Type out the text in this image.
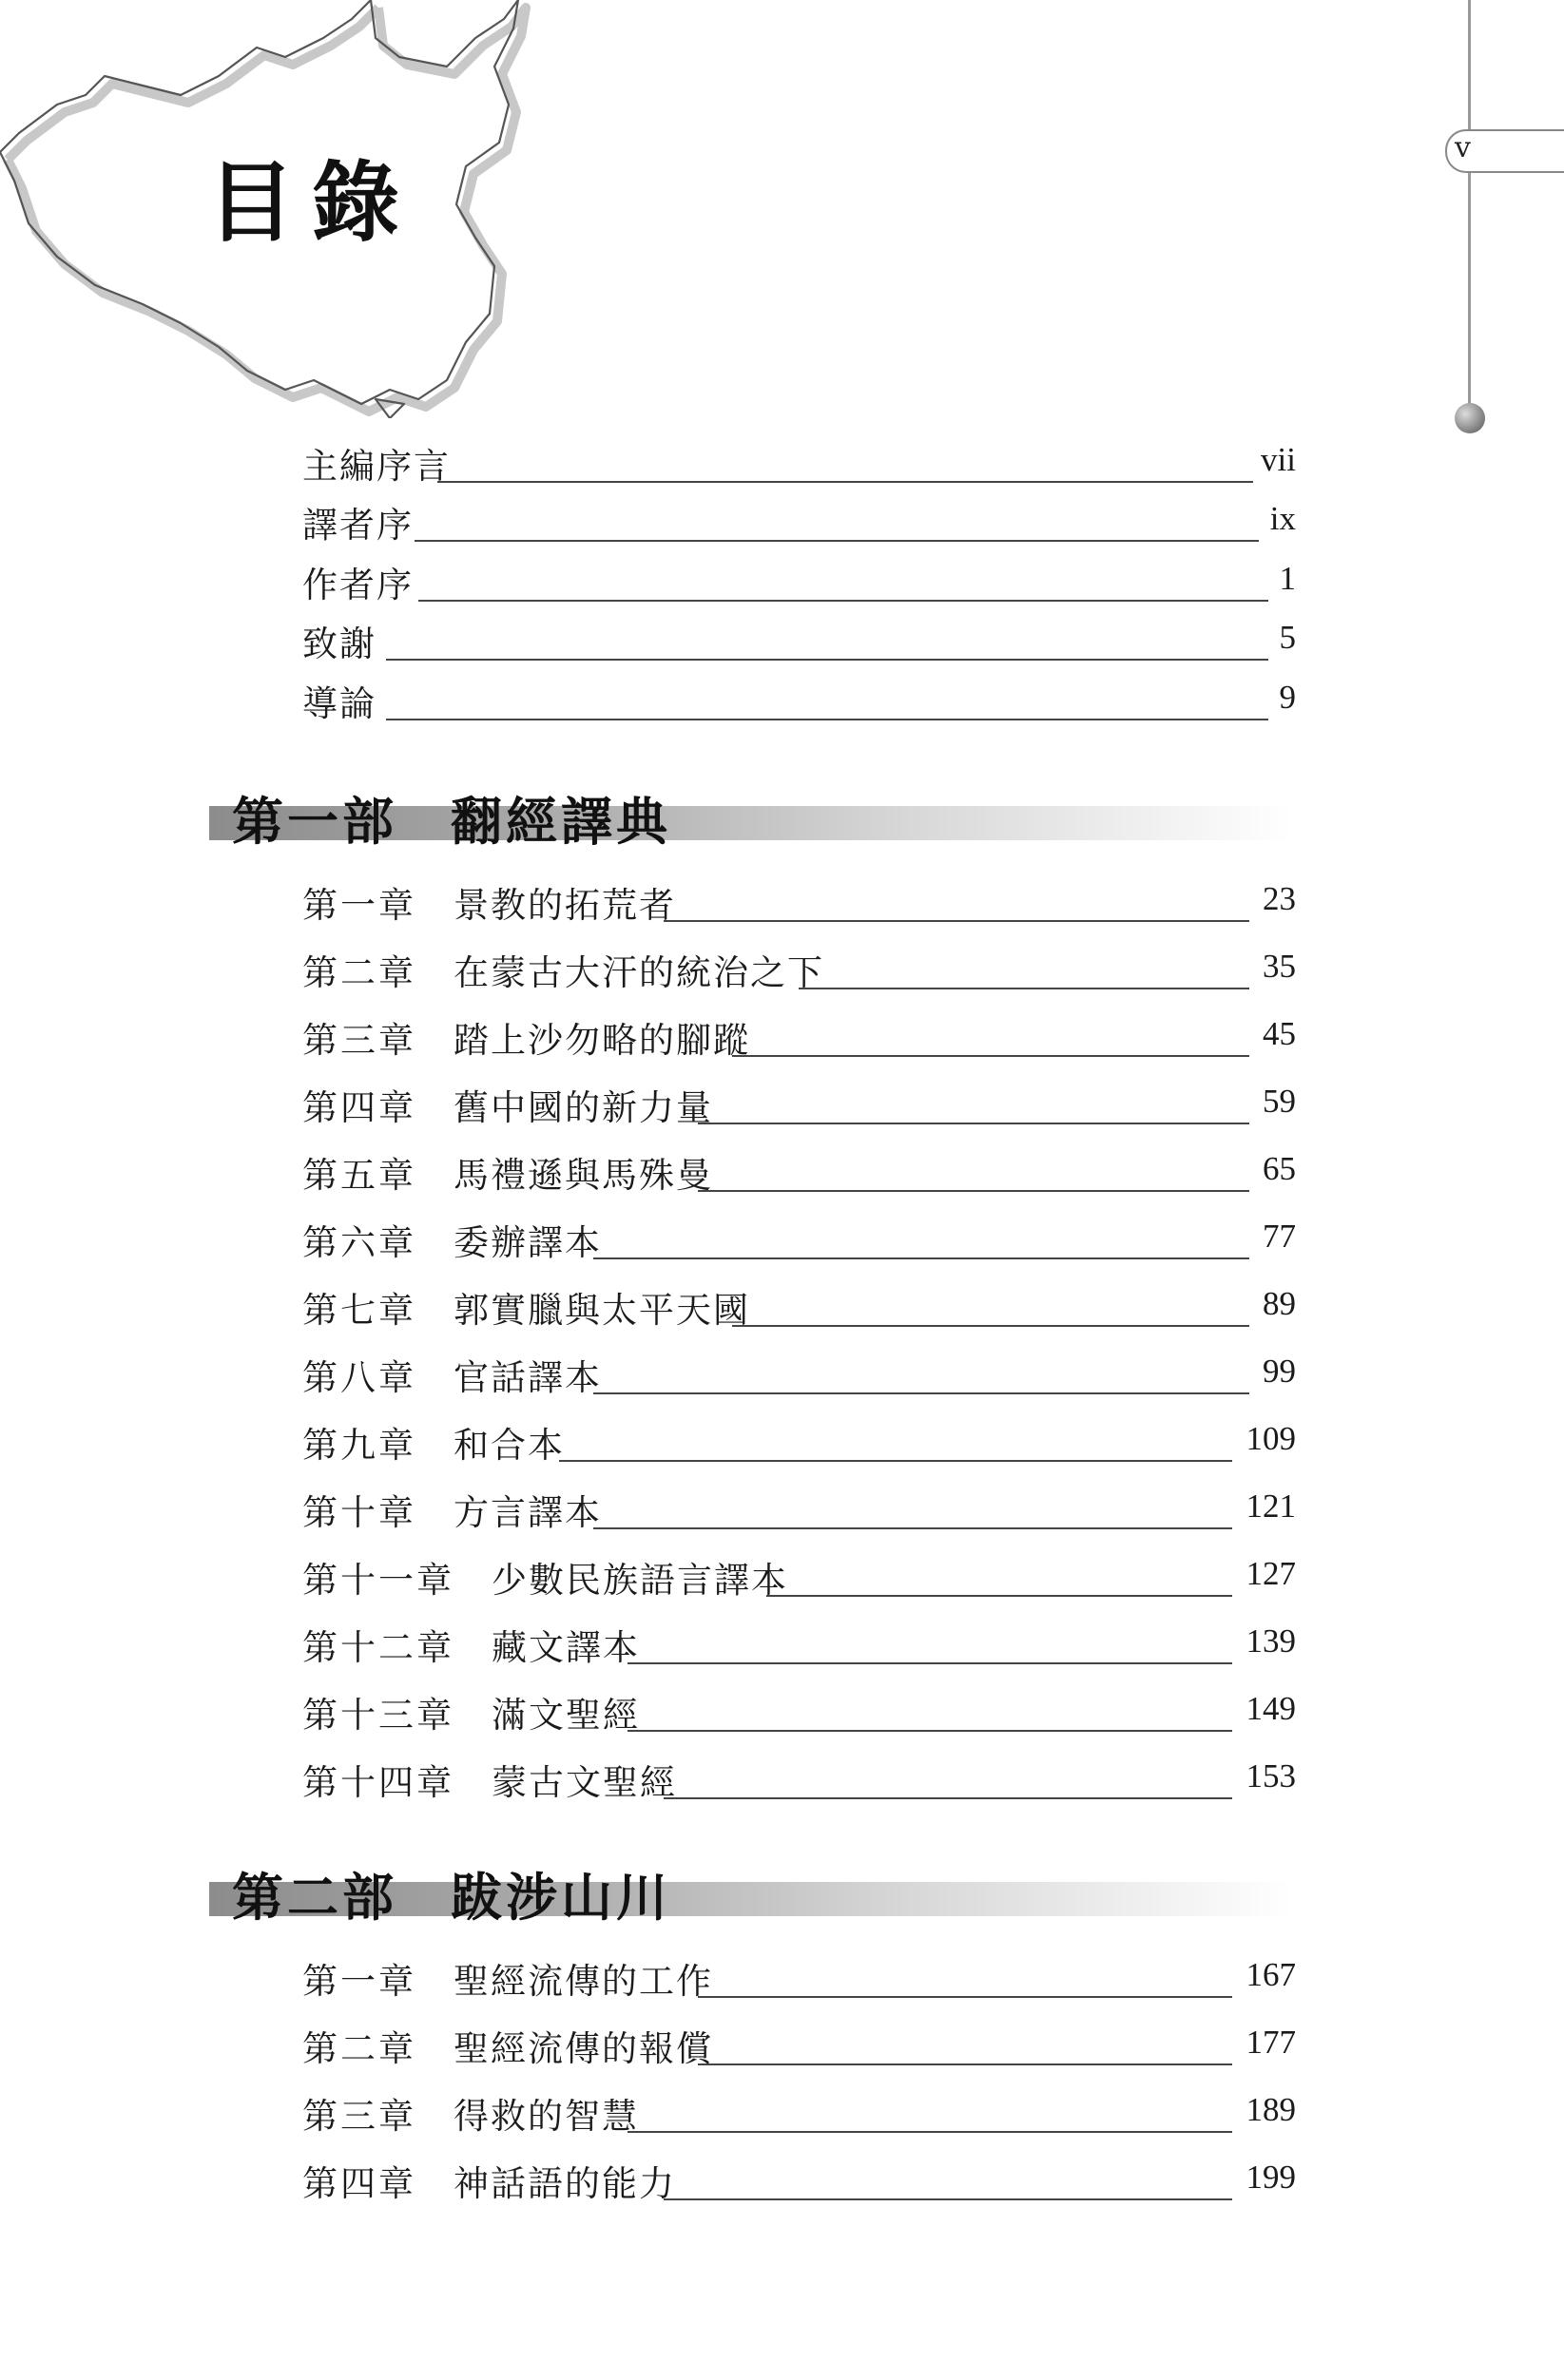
目錄
v
主編序言	vii
譯者序	ix
作者序	1
致謝	5
導論	9
第一部 翻經譯典
第一章　 景教的拓荒者	23
第二章　 在蒙古大汗的統治之下	35
第三章　 踏上沙勿略的腳蹤	45
第四章　 舊中國的新力量	59
第五章　 馬禮遜與馬殊曼	65
第六章　 委辦譯本	77
第七章　 郭實臘與太平天國	89
第八章　 官話譯本	99
第九章　 和合本	109
第十章　 方言譯本	121
第十一章　 少數民族語言譯本	127
第十二章　 藏文譯本	139
第十三章　 滿文聖經	149
第十四章　 蒙古文聖經	153
第二部 跋涉山川
第一章　 聖經流傳的工作	167
第二章　 聖經流傳的報償	177
第三章　 得救的智慧	189
第四章　 神話語的能力	199
